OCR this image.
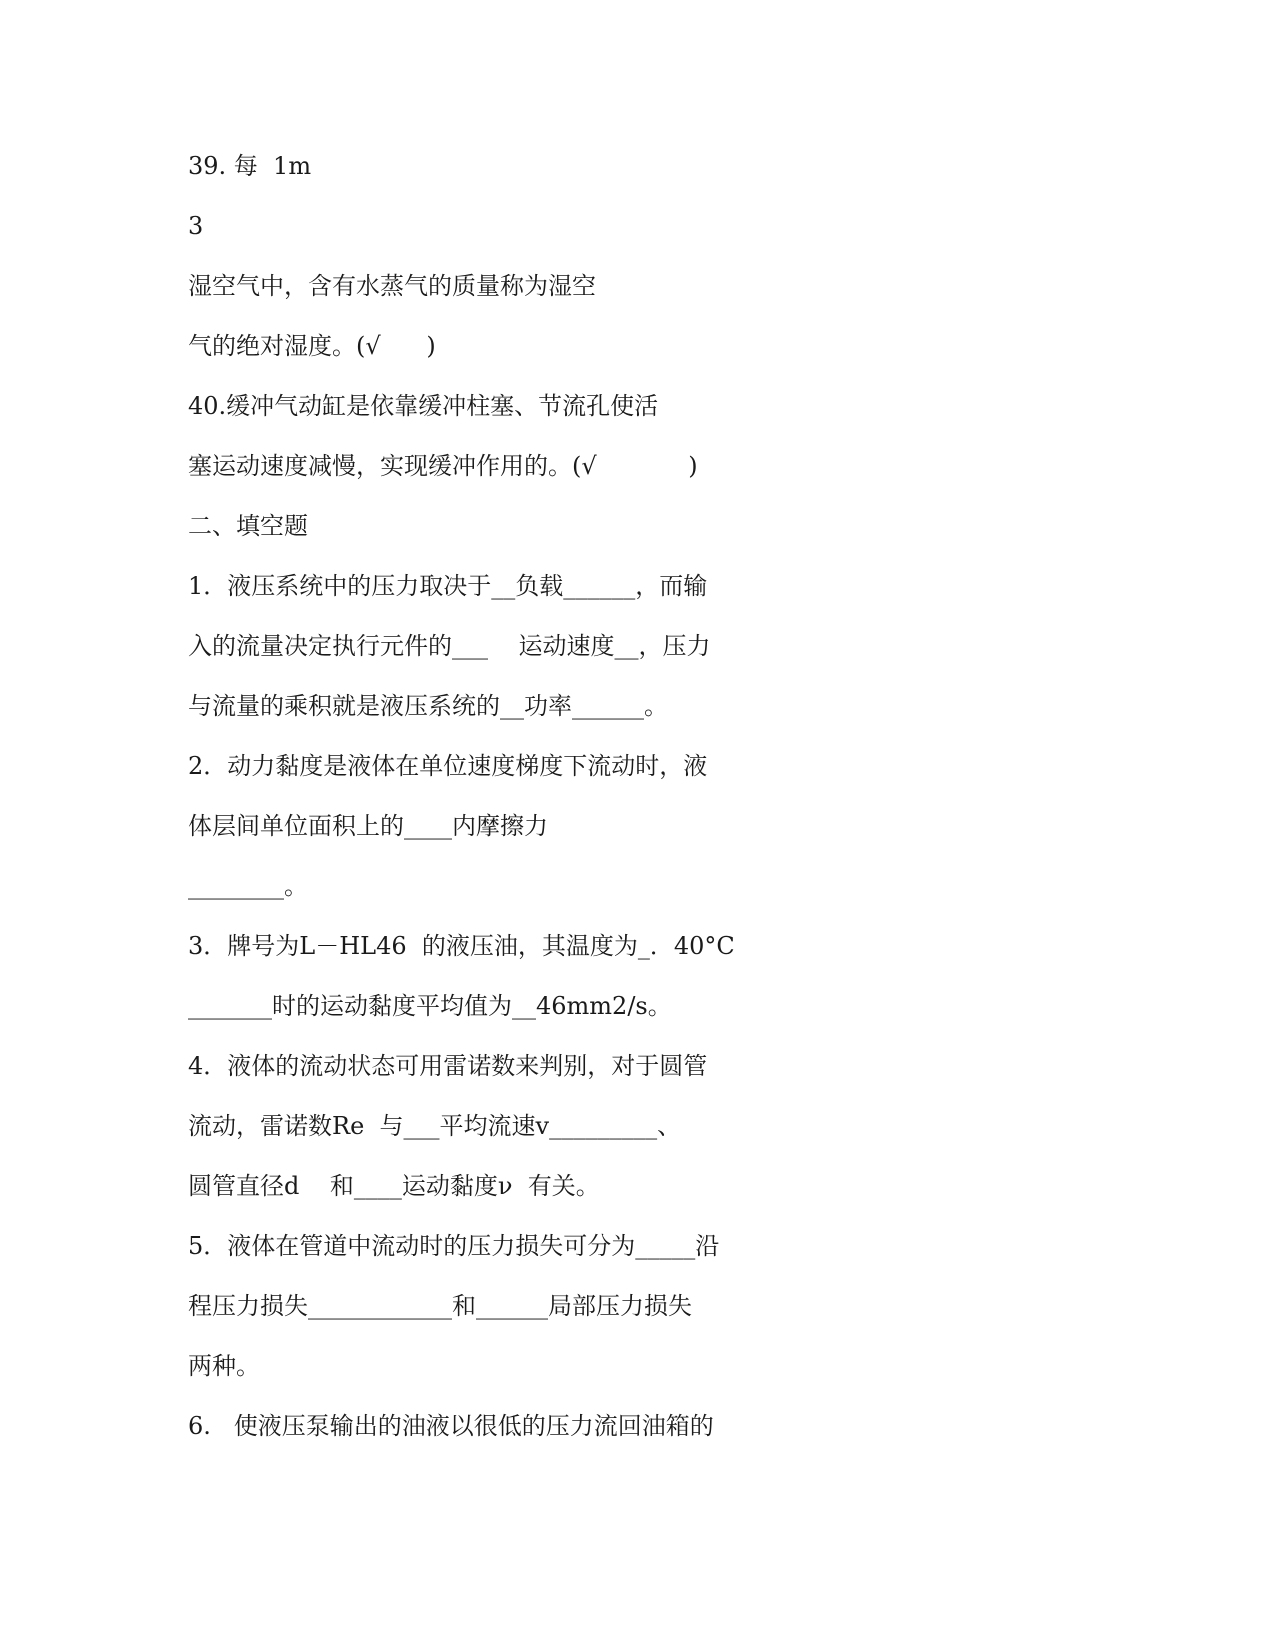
39. 每  1m
3
湿空气中，含有水蒸气的质量称为湿空
气的绝对湿度。(√      )
40.缓冲气动缸是依靠缓冲柱塞、节流孔使活
塞运动速度减慢，实现缓冲作用的。(√            )
二、填空题
1．液压系统中的压力取决于__负载______，而输
入的流量决定执行元件的___    运动速度__，压力
与流量的乘积就是液压系统的__功率______。
2．动力黏度是液体在单位速度梯度下流动时，液
体层间单位面积上的____内摩擦力
________。
3．牌号为L－HL46  的液压油，其温度为_．40°C
_______时的运动黏度平均值为__46mm2/s。
4．液体的流动状态可用雷诺数来判别，对于圆管
流动，雷诺数Re  与___平均流速v_________、
圆管直径d    和____运动黏度ν  有关。
5．液体在管道中流动时的压力损失可分为_____沿
程压力损失____________和______局部压力损失
两种。
6.   使液压泵输出的油液以很低的压力流回油箱的
